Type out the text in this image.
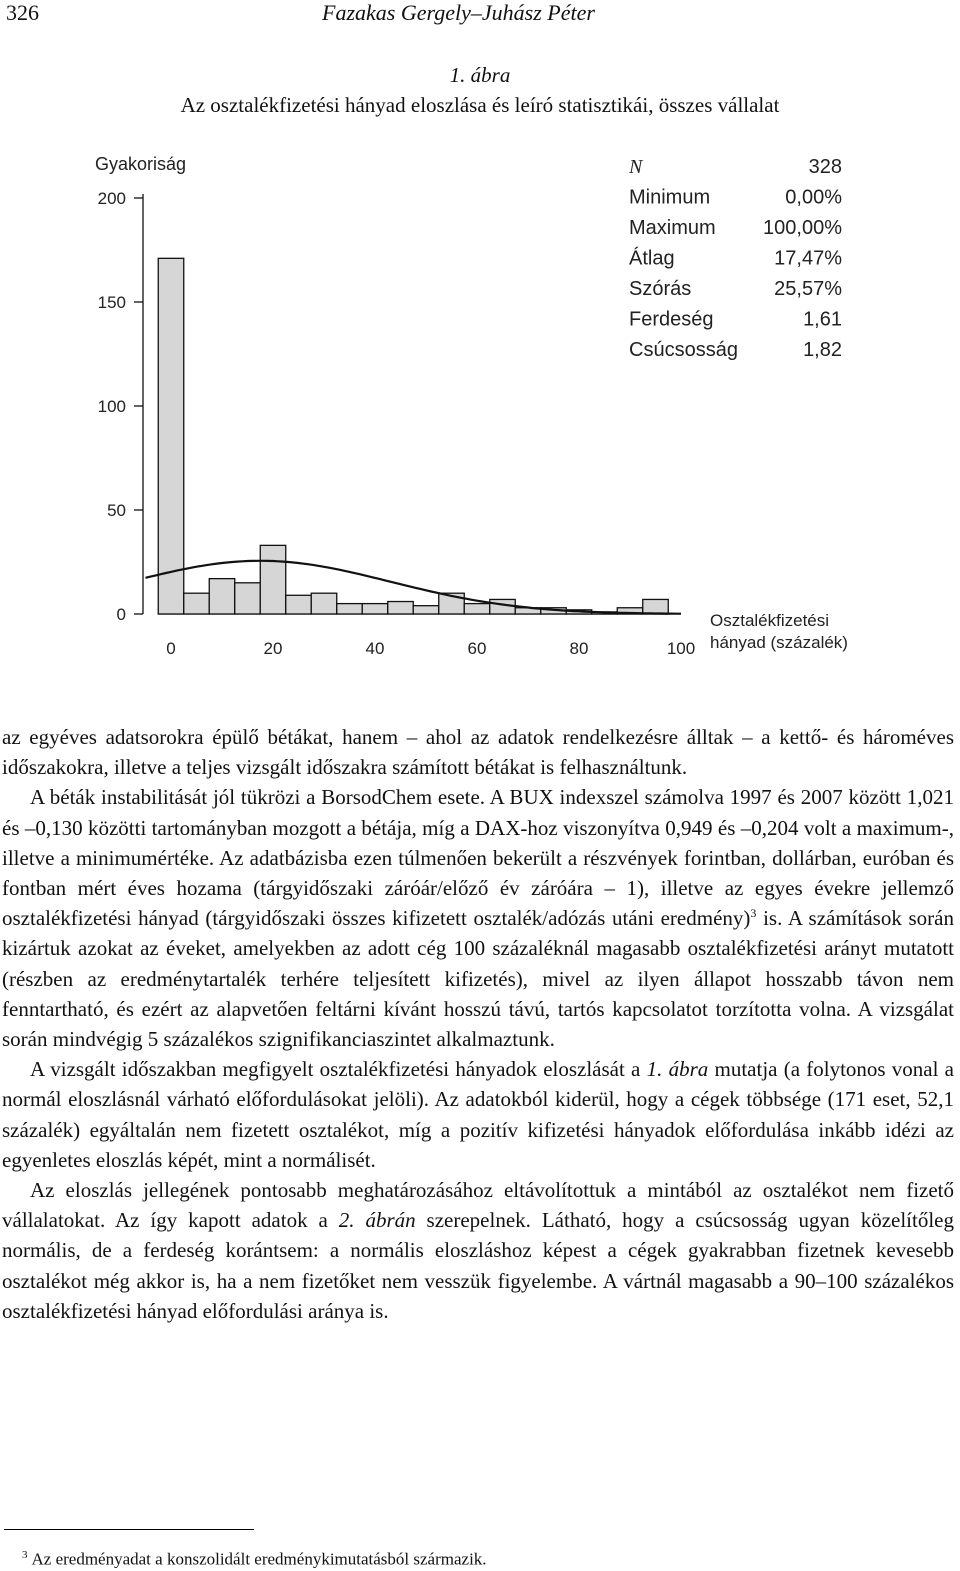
326	Fazakas Gergely–Juhász Péter
1. ábra
Az osztalékfizetési hányad eloszlása és leíró statisztikái, összes vállalat
200
150
100
50
0
Gyakoriság
0	20	40	60	80	100
Osztalékfizetési
hányad (százalék)
N	328
Minimum	0,00%
Maximum 100,00%
Átlag	17,47%
Szórás	25,57%
Ferdeség	1,61
Csúcsosság	1,82

az egyéves adatsorokra épülő bétákat, hanem – ahol az adatok rendelkezésre álltak – a kettő- és hároméves időszakokra, illetve a teljes vizsgált időszakra számított bétákat is felhasználtunk.

A béták instabilitását jól tükrözi a BorsodChem esete. A BUX indexszel számolva 1997 és 2007 között 1,021 és –0,130 közötti tartományban mozgott a bétája, míg a DAX-hoz viszonyítva 0,949 és –0,204 volt a maximum-, illetve a minimumértéke. Az adatbázisba ezen túlmenően bekerült a részvények forintban, dollárban, euróban és fontban mért éves hozama (tárgyidőszaki záróár/előző év záróára – 1), illetve az egyes évekre jellemző osztalékfizetési hányad (tárgyidőszaki összes kifizetett osztalék/adózás utáni eredmény)$^3$ is. A számítások során kizártuk azokat az éveket, amelyekben az adott cég 100 százaléknál magasabb osztalékfizetési arányt mutatott (részben az eredménytartalék terhére teljesített kifizetés), mivel az ilyen állapot hosszabb távon nem fenntartható, és ezért az alapvetően feltárni kívánt hosszú távú, tartós kapcsolatot torzította volna. A vizsgálat során mindvégig 5 százalékos szignifikanciaszintet alkalmaztunk.

A vizsgált időszakban megfigyelt osztalékfizetési hányadok eloszlását a 1. ábra mutatja (a folytonos vonal a normál eloszlásnál várható előfordulásokat jelöli). Az adatokból kiderül, hogy a cégek többsége (171 eset, 52,1 százalék) egyáltalán nem fizetett osztalékot, míg a pozitív kifizetési hányadok előfordulása inkább idézi az egyenletes eloszlás képét, mint a normálisét.

Az eloszlás jellegének pontosabb meghatározásához eltávolítottuk a mintából az osztalékot nem fizető vállalatokat. Az így kapott adatok a 2. ábrán szerepelnek. Látható, hogy a csúcsosság ugyan közelítőleg normális, de a ferdeség korántsem: a normális eloszláshoz képest a cégek gyakrabban fizetnek kevesebb osztalékot még akkor is, ha a nem fizetőket nem vesszük figyelembe. A vártnál magasabb a 90–100 százalékos osztalékfizetési hányad előfordulási aránya is.

$^3$ Az eredményadat a konszolidált eredménykimutatásból származik.
